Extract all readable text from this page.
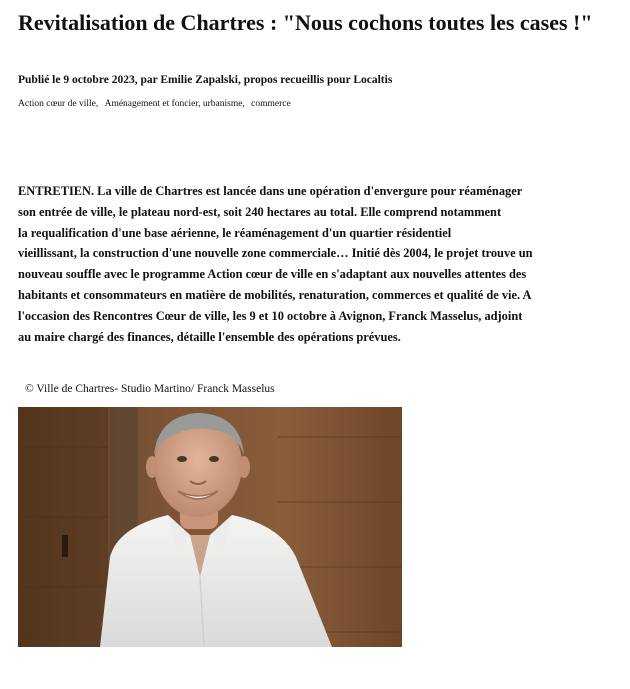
Revitalisation de Chartres : "Nous cochons toutes les cases !"

Publié le 9 octobre 2023, par Emilie Zapalski, propos recueillis pour Localtis

Action cœur de ville, Aménagement et foncier, urbanisme, commerce

ENTRETIEN. La ville de Chartres est lancée dans une opération d'envergure pour réaménager
son entrée de ville, le plateau nord-est, soit 240 hectares au total. Elle comprend notamment
la requalification d'une base aérienne, le réaménagement d'un quartier résidentiel
vieillissant, la construction d'une nouvelle zone commerciale… Initié dès 2004, le projet trouve un
nouveau souffle avec le programme Action cœur de ville en s'adaptant aux nouvelles attentes des
habitants et consommateurs en matière de mobilités, renaturation, commerces et qualité de vie. A
l'occasion des Rencontres Cœur de ville, les 9 et 10 octobre à Avignon, Franck Masselus, adjoint
au maire chargé des finances, détaille l'ensemble des opérations prévues.

© Ville de Chartres- Studio Martino/ Franck Masselus
